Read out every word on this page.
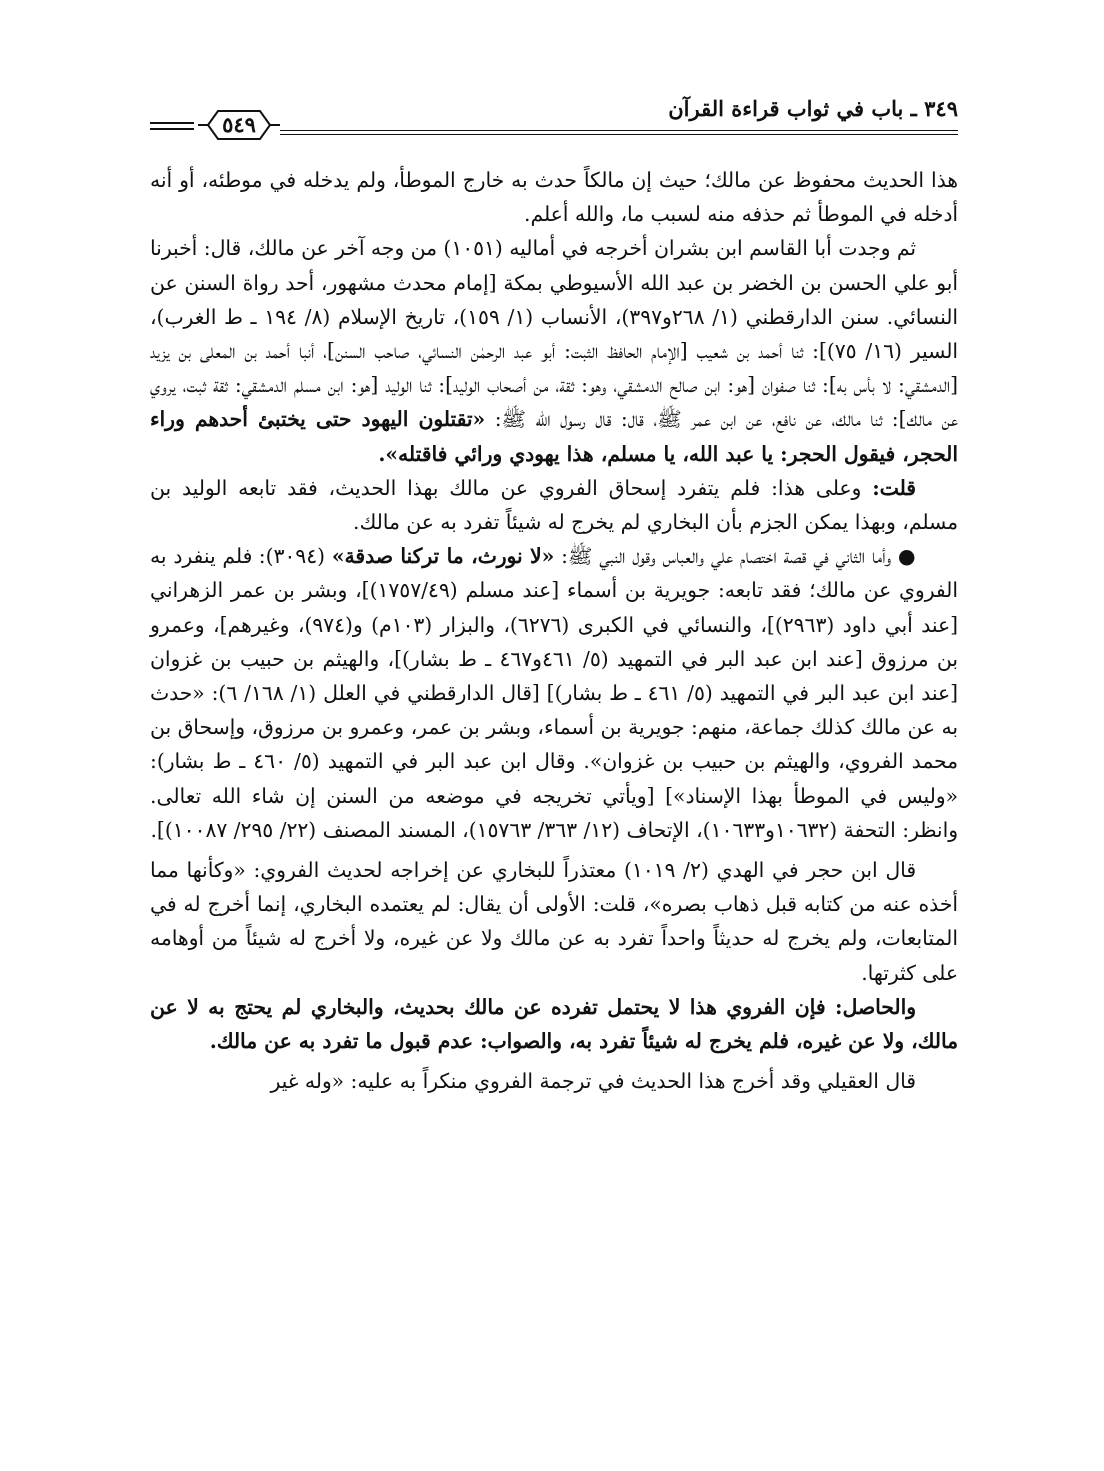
٣٤٩ ـ باب في ثواب قراءة القرآن
٥٤٩

هذا الحديث محفوظ عن مالك؛ حيث إن مالكاً حدث به خارج الموطأ، ولم يدخله في موطئه، أو أنه أدخله في الموطأ ثم حذفه منه لسبب ما، والله أعلم.

ثم وجدت أبا القاسم ابن بشران أخرجه في أماليه (١٠٥١) من وجه آخر عن مالك، قال: أخبرنا أبو علي الحسن بن الخضر بن عبد الله الأسيوطي بمكة [إمام محدث مشهور، أحد رواة السنن عن النسائي. سنن الدارقطني (١/ ٢٦٨و٣٩٧)، الأنساب (١/ ١٥٩)، تاريخ الإسلام (٨/ ١٩٤ ـ ط الغرب)، السير (١٦/ ٧٥)]: ثنا أحمد بن شعيب [الإمام الحافظ الثبت: أبو عبد الرحمٰن النسائي، صاحب السنن]، أنبا أحمد بن المعلى بن يزيد [الدمشقي: لا بأس به]: ثنا صفوان [هو: ابن صالح الدمشقي، وهو: ثقة، من أصحاب الوليد]: ثنا الوليد [هو: ابن مسلم الدمشقي: ثقة ثبت، يروي عن مالك]: ثنا مالك، عن نافع، عن ابن عمر ﷺ، قال: قال رسول الله ﷺ: «تقتلون اليهود حتى يختبئ أحدهم وراء الحجر، فيقول الحجر: يا عبد الله، يا مسلم، هذا يهودي ورائي فاقتله».

قلت: وعلى هذا: فلم يتفرد إسحاق الفروي عن مالك بهذا الحديث، فقد تابعه الوليد بن مسلم، وبهذا يمكن الجزم بأن البخاري لم يخرج له شيئاً تفرد به عن مالك.

● وأما الثاني في قصة اختصام علي والعباس وقول النبي ﷺ: «لا نورث، ما تركنا صدقة» (٣٠٩٤): فلم ينفرد به الفروي عن مالك؛ فقد تابعه: جويرية بن أسماء [عند مسلم (١٧٥٧/٤٩)]، وبشر بن عمر الزهراني [عند أبي داود (٢٩٦٣)]، والنسائي في الكبرى (٦٢٧٦)، والبزار (١٠٣م) و(٩٧٤)، وغيرهم]، وعمرو بن مرزوق [عند ابن عبد البر في التمهيد (٥/ ٤٦١و٤٦٧ ـ ط بشار)]، والهيثم بن حبيب بن غزوان [عند ابن عبد البر في التمهيد (٥/ ٤٦١ ـ ط بشار)] [قال الدارقطني في العلل (١/ ١٦٨/ ٦): «حدث به عن مالك كذلك جماعة، منهم: جويرية بن أسماء، وبشر بن عمر، وعمرو بن مرزوق، وإسحاق بن محمد الفروي، والهيثم بن حبيب بن غزوان». وقال ابن عبد البر في التمهيد (٥/ ٤٦٠ ـ ط بشار): «وليس في الموطأ بهذا الإسناد»] [ويأتي تخريجه في موضعه من السنن إن شاء الله تعالى. وانظر: التحفة (١٠٦٣٢و١٠٦٣٣)، الإتحاف (١٢/ ٣٦٣/ ١٥٧٦٣)، المسند المصنف (٢٢/ ٢٩٥/ ١٠٠٨٧)].

قال ابن حجر في الهدي (٢/ ١٠١٩) معتذراً للبخاري عن إخراجه لحديث الفروي: «وكأنها مما أخذه عنه من كتابه قبل ذهاب بصره»، قلت: الأولى أن يقال: لم يعتمده البخاري، إنما أخرج له في المتابعات، ولم يخرج له حديثاً واحداً تفرد به عن مالك ولا عن غيره، ولا أخرج له شيئاً من أوهامه على كثرتها.

والحاصل: فإن الفروي هذا لا يحتمل تفرده عن مالك بحديث، والبخاري لم يحتج به لا عن مالك، ولا عن غيره، فلم يخرج له شيئاً تفرد به، والصواب: عدم قبول ما تفرد به عن مالك.

قال العقيلي وقد أخرج هذا الحديث في ترجمة الفروي منكراً به عليه: «وله غير
